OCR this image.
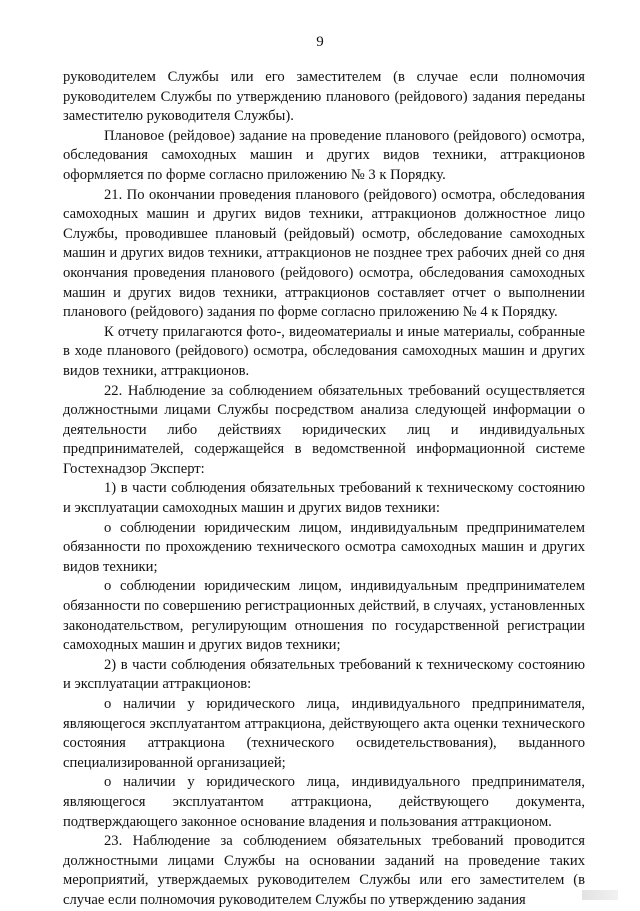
9

руководителем Службы или его заместителем (в случае если полномочия руководителем Службы по утверждению планового (рейдового) задания переданы заместителю руководителя Службы).

Плановое (рейдовое) задание на проведение планового (рейдового) осмотра, обследования самоходных машин и других видов техники, аттракционов оформляется по форме согласно приложению № 3 к Порядку.

21. По окончании проведения планового (рейдового) осмотра, обследования самоходных машин и других видов техники, аттракционов должностное лицо Службы, проводившее плановый (рейдовый) осмотр, обследование самоходных машин и других видов техники, аттракционов не позднее трех рабочих дней со дня окончания проведения планового (рейдового) осмотра, обследования самоходных машин и других видов техники, аттракционов составляет отчет о выполнении планового (рейдового) задания по форме согласно приложению № 4 к Порядку.

К отчету прилагаются фото-, видеоматериалы и иные материалы, собранные в ходе планового (рейдового) осмотра, обследования самоходных машин и других видов техники, аттракционов.

22. Наблюдение за соблюдением обязательных требований осуществляется должностными лицами Службы посредством анализа следующей информации о деятельности либо действиях юридических лиц и индивидуальных предпринимателей, содержащейся в ведомственной информационной системе Гостехнадзор Эксперт:

1) в части соблюдения обязательных требований к техническому состоянию и эксплуатации самоходных машин и других видов техники:

о соблюдении юридическим лицом, индивидуальным предпринимателем обязанности по прохождению технического осмотра самоходных машин и других видов техники;

о соблюдении юридическим лицом, индивидуальным предпринимателем обязанности по совершению регистрационных действий, в случаях, установленных законодательством, регулирующим отношения по государственной регистрации самоходных машин и других видов техники;

2) в части соблюдения обязательных требований к техническому состоянию и эксплуатации аттракционов:

о наличии у юридического лица, индивидуального предпринимателя, являющегося эксплуатантом аттракциона, действующего акта оценки технического состояния аттракциона (технического освидетельствования), выданного специализированной организацией;

о наличии у юридического лица, индивидуального предпринимателя, являющегося эксплуатантом аттракциона, действующего документа, подтверждающего законное основание владения и пользования аттракционом.

23. Наблюдение за соблюдением обязательных требований проводится должностными лицами Службы на основании заданий на проведение таких мероприятий, утверждаемых руководителем Службы или его заместителем (в случае если полномочия руководителем Службы по утверждению задания
